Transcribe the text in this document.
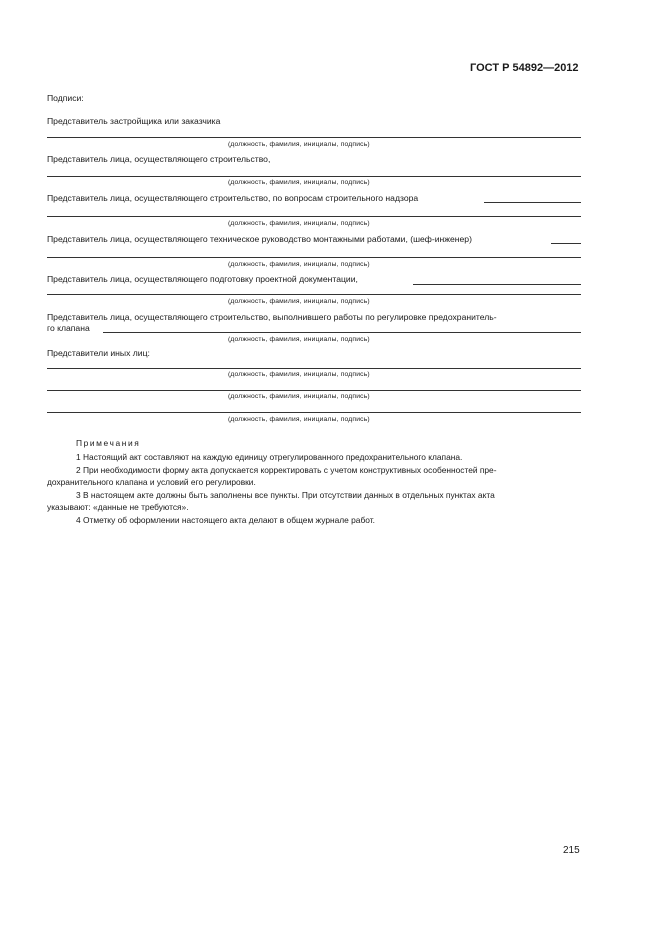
ГОСТ Р 54892—2012
Подписи:
Представитель застройщика или заказчика
(должность, фамилия, инициалы, подпись)
Представитель лица, осуществляющего строительство,
(должность, фамилия, инициалы, подпись)
Представитель лица, осуществляющего строительство, по вопросам строительного надзора
(должность, фамилия, инициалы, подпись)
Представитель лица, осуществляющего техническое руководство монтажными работами, (шеф-инженер)
(должность, фамилия, инициалы, подпись)
Представитель лица, осуществляющего подготовку проектной документации,
(должность, фамилия, инициалы, подпись)
Представитель лица, осуществляющего строительство, выполнившего работы по регулировке предохранитель-
го клапана
(должность, фамилия, инициалы, подпись)
Представители иных лиц:
(должность, фамилия, инициалы, подпись)
(должность, фамилия, инициалы, подпись)
(должность, фамилия, инициалы, подпись)
Примечания
1 Настоящий акт составляют на каждую единицу отрегулированного предохранительного клапана.
2 При необходимости форму акта допускается корректировать с учетом конструктивных особенностей пре-
дохранительного клапана и условий его регулировки.
3 В настоящем акте должны быть заполнены все пункты. При отсутствии данных в отдельных пунктах акта
указывают: «данные не требуются».
4 Отметку об оформлении настоящего акта делают в общем журнале работ.
215
